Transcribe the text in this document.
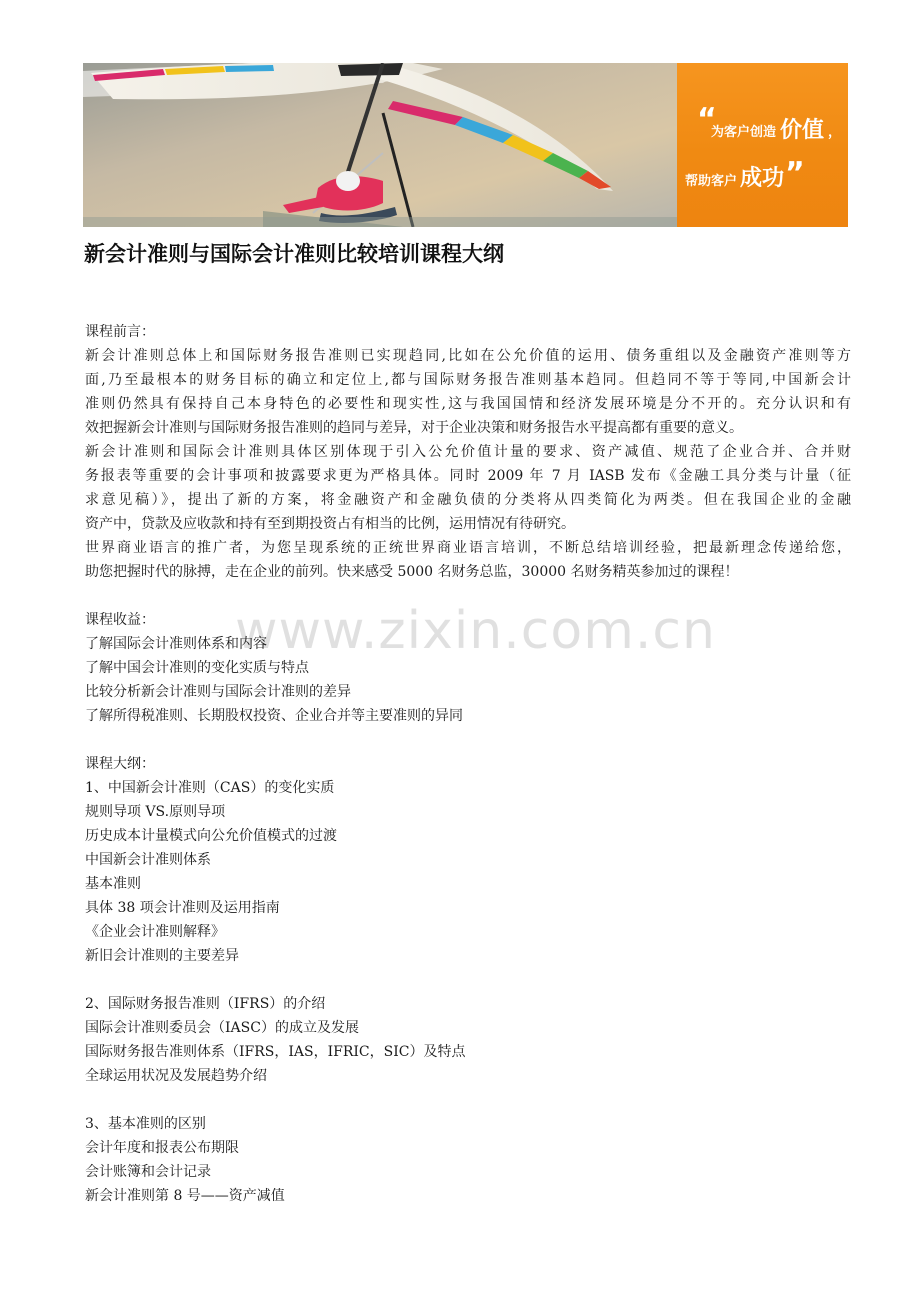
“
为客户创造 价值 ，
帮助客户 成功 ”
新会计准则与国际会计准则比较培训课程大纲
www.zixin.com.cn
课程前言：
新会计准则总体上和国际财务报告准则已实现趋同,比如在公允价值的运用、债务重组以及金融资产准则等方
面,乃至最根本的财务目标的确立和定位上,都与国际财务报告准则基本趋同。但趋同不等于等同,中国新会计
准则仍然具有保持自己本身特色的必要性和现实性,这与我国国情和经济发展环境是分不开的。充分认识和有
效把握新会计准则与国际财务报告准则的趋同与差异，对于企业决策和财务报告水平提高都有重要的意义。
新会计准则和国际会计准则具体区别体现于引入公允价值计量的要求、资产减值、规范了企业合并、合并财
务报表等重要的会计事项和披露要求更为严格具体。同时 2009 年 7 月 IASB 发布《金融工具分类与计量（征
求意见稿）》，提出了新的方案，将金融资产和金融负债的分类将从四类简化为两类。但在我国企业的金融
资产中，贷款及应收款和持有至到期投资占有相当的比例，运用情况有待研究。
世界商业语言的推广者，为您呈现系统的正统世界商业语言培训，不断总结培训经验，把最新理念传递给您，
助您把握时代的脉搏，走在企业的前列。快来感受 5000 名财务总监，30000 名财务精英参加过的课程！
课程收益：
了解国际会计准则体系和内容
了解中国会计准则的变化实质与特点
比较分析新会计准则与国际会计准则的差异
了解所得税准则、长期股权投资、企业合并等主要准则的异同
课程大纲：
1、中国新会计准则（CAS）的变化实质
规则导项 VS.原则导项
历史成本计量模式向公允价值模式的过渡
中国新会计准则体系
基本准则
具体 38 项会计准则及运用指南
《企业会计准则解释》
新旧会计准则的主要差异
2、国际财务报告准则（IFRS）的介绍
国际会计准则委员会（IASC）的成立及发展
国际财务报告准则体系（IFRS，IAS，IFRIC，SIC）及特点
全球运用状况及发展趋势介绍
3、基本准则的区别
会计年度和报表公布期限
会计账簿和会计记录
新会计准则第 8 号——资产减值
